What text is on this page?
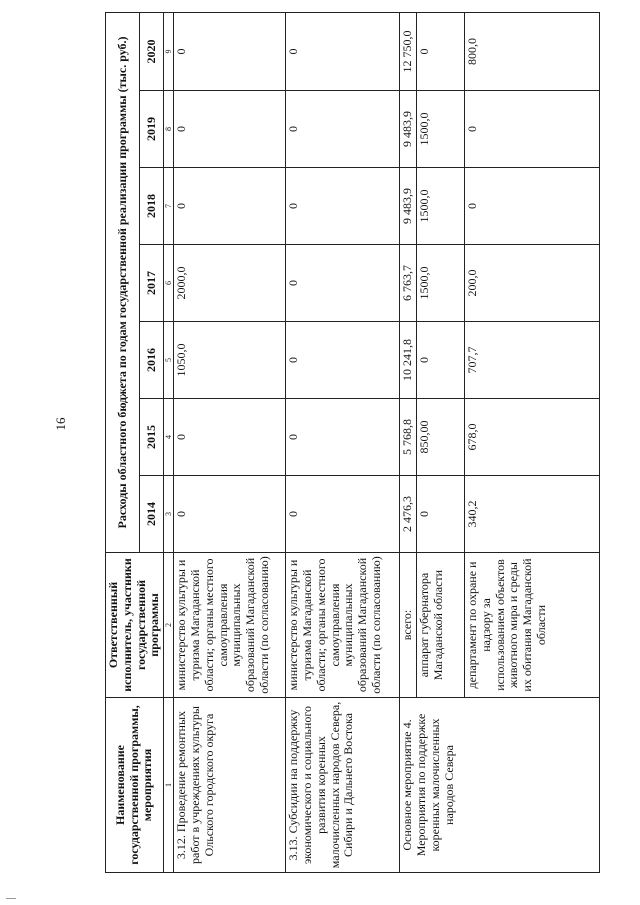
16
Наименование государственной программы, мероприятия	Ответственный исполнитель, участники государственной программы	Расходы областного бюджета по годам государственной реализации программы (тыс. руб.)						
		2014	2015	2016	2017	2018	2019	2020
1	2	3	4	5	6	7	8	9
3.12. Проведение ремонтных работ в учреждениях культуры Ольского городского округа	министерство культуры и туризма Магаданской области; органы местного самоуправления муниципальных образований Магаданской области (по согласованию)	0	0	1050,0	2000,0	0	0	0
3.13. Субсидии на поддержку экономического и социального развития коренных малочисленных народов Севера, Сибири и Дальнего Востока	министерство культуры и туризма Магаданской области; органы местного самоуправления муниципальных образований Магаданской области (по согласованию)	0	0	0	0	0	0	0
Основное мероприятие 4. Мероприятия по поддержке коренных малочисленных народов Севера	всего:	2 476,3	5 768,8	10 241,8	6 763,7	9 483,9	9 483,9	12 750,0
	аппарат губернатора Магаданской области	0	850,00	0	1500,0	1500,0	1500,0	0
	департамент по охране и надзору за использованием объектов животного мира и среды их обитания Магаданской области	340,2	678,0	707,7	200,0	0	0	800,0
